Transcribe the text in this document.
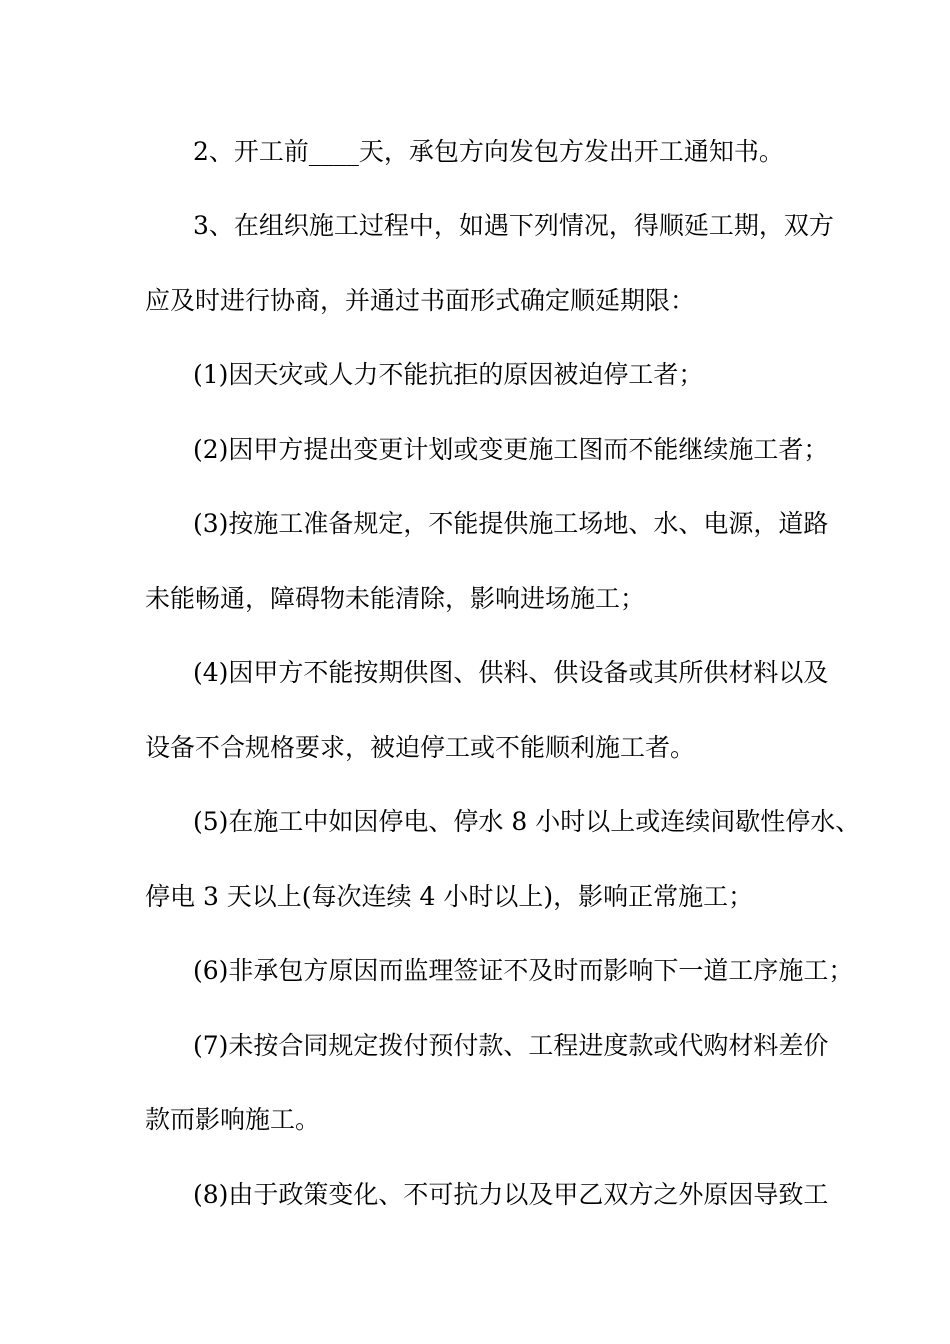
2、开工前____天，承包方向发包方发出开工通知书。
3、在组织施工过程中，如遇下列情况，得顺延工期，双方
应及时进行协商，并通过书面形式确定顺延期限：
(1)因天灾或人力不能抗拒的原因被迫停工者；
(2)因甲方提出变更计划或变更施工图而不能继续施工者；
(3)按施工准备规定，不能提供施工场地、水、电源，道路
未能畅通，障碍物未能清除，影响进场施工；
(4)因甲方不能按期供图、供料、供设备或其所供材料以及
设备不合规格要求，被迫停工或不能顺利施工者。
(5)在施工中如因停电、停水 8 小时以上或连续间歇性停水、
停电 3 天以上(每次连续 4 小时以上)，影响正常施工；
(6)非承包方原因而监理签证不及时而影响下一道工序施工；
(7)未按合同规定拨付预付款、工程进度款或代购材料差价
款而影响施工。
(8)由于政策变化、不可抗力以及甲乙双方之外原因导致工
